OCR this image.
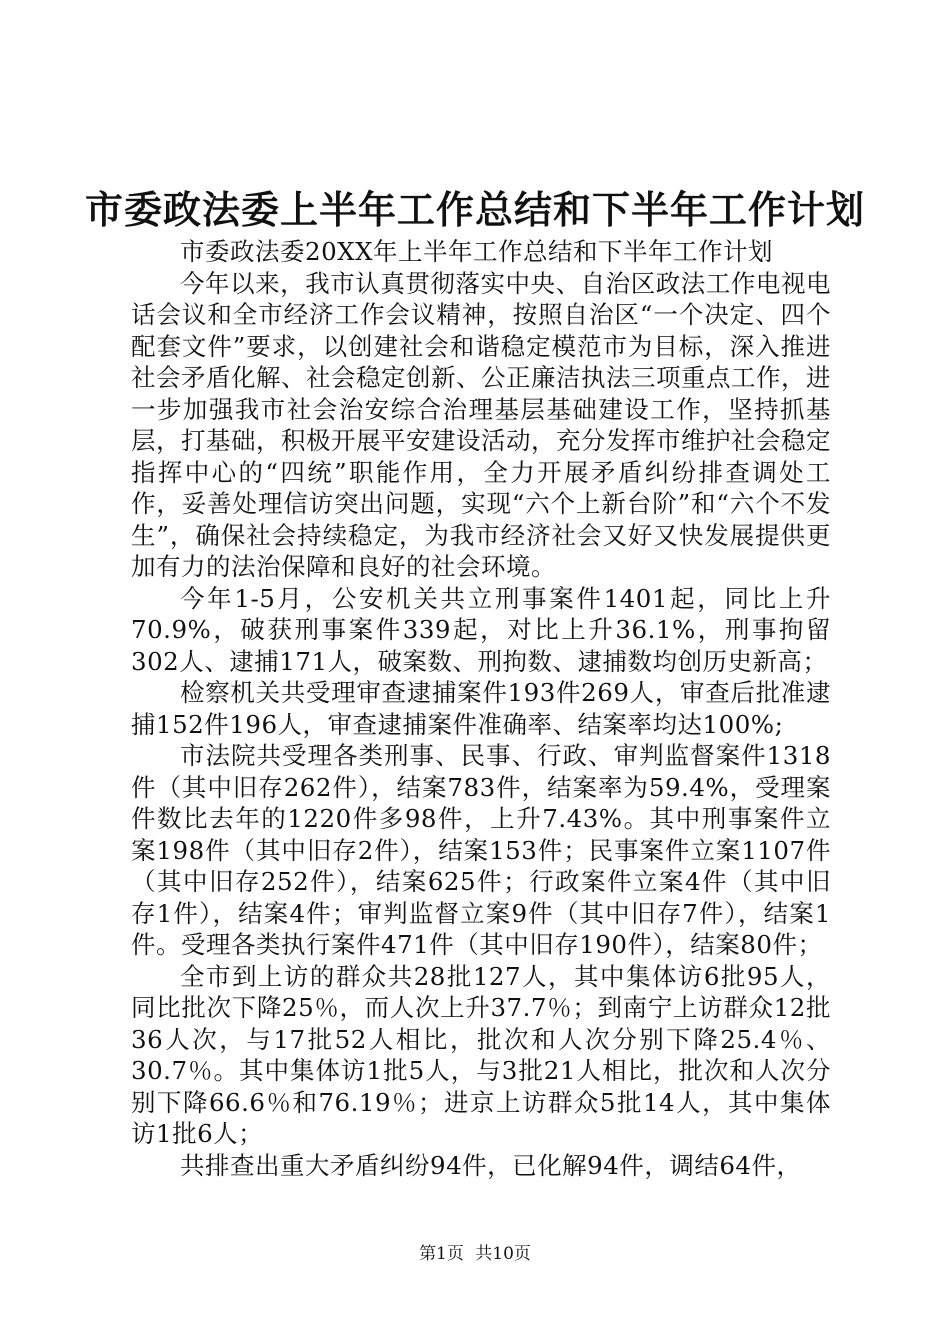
市委政法委上半年工作总结和下半年工作计划

市委政法委20XX年上半年工作总结和下半年工作计划

今年以来，我市认真贯彻落实中央、自治区政法工作电视电话会议和全市经济工作会议精神，按照自治区“一个决定、四个配套文件”要求，以创建社会和谐稳定模范市为目标，深入推进社会矛盾化解、社会稳定创新、公正廉洁执法三项重点工作，进一步加强我市社会治安综合治理基层基础建设工作，坚持抓基层，打基础，积极开展平安建设活动，充分发挥市维护社会稳定指挥中心的“四统”职能作用，全力开展矛盾纠纷排查调处工作，妥善处理信访突出问题，实现“六个上新台阶”和“六个不发生”，确保社会持续稳定，为我市经济社会又好又快发展提供更加有力的法治保障和良好的社会环境。

今年1-5月，公安机关共立刑事案件1401起，同比上升70.9%，破获刑事案件339起，对比上升36.1%，刑事拘留302人、逮捕171人，破案数、刑拘数、逮捕数均创历史新高；

检察机关共受理审查逮捕案件193件269人，审查后批准逮捕152件196人，审查逮捕案件准确率、结案率均达100%;

市法院共受理各类刑事、民事、行政、审判监督案件1318件（其中旧存262件），结案783件，结案率为59.4%，受理案件数比去年的1220件多98件，上升7.43%。其中刑事案件立案198件（其中旧存2件），结案153件；民事案件立案1107件（其中旧存252件），结案625件；行政案件立案4件（其中旧存1件），结案4件；审判监督立案9件（其中旧存7件），结案1件。受理各类执行案件471件（其中旧存190件），结案80件；

全市到上访的群众共28批127人，其中集体访6批95人，同比批次下降25％，而人次上升37.7％；到南宁上访群众12批36人次，与17批52人相比，批次和人次分别下降25.4％、30.7％。其中集体访1批5人，与3批21人相比，批次和人次分别下降66.6％和76.19％；进京上访群众5批14人，其中集体访1批6人；

共排查出重大矛盾纠纷94件，已化解94件，调结64件，

第1页 共10页
